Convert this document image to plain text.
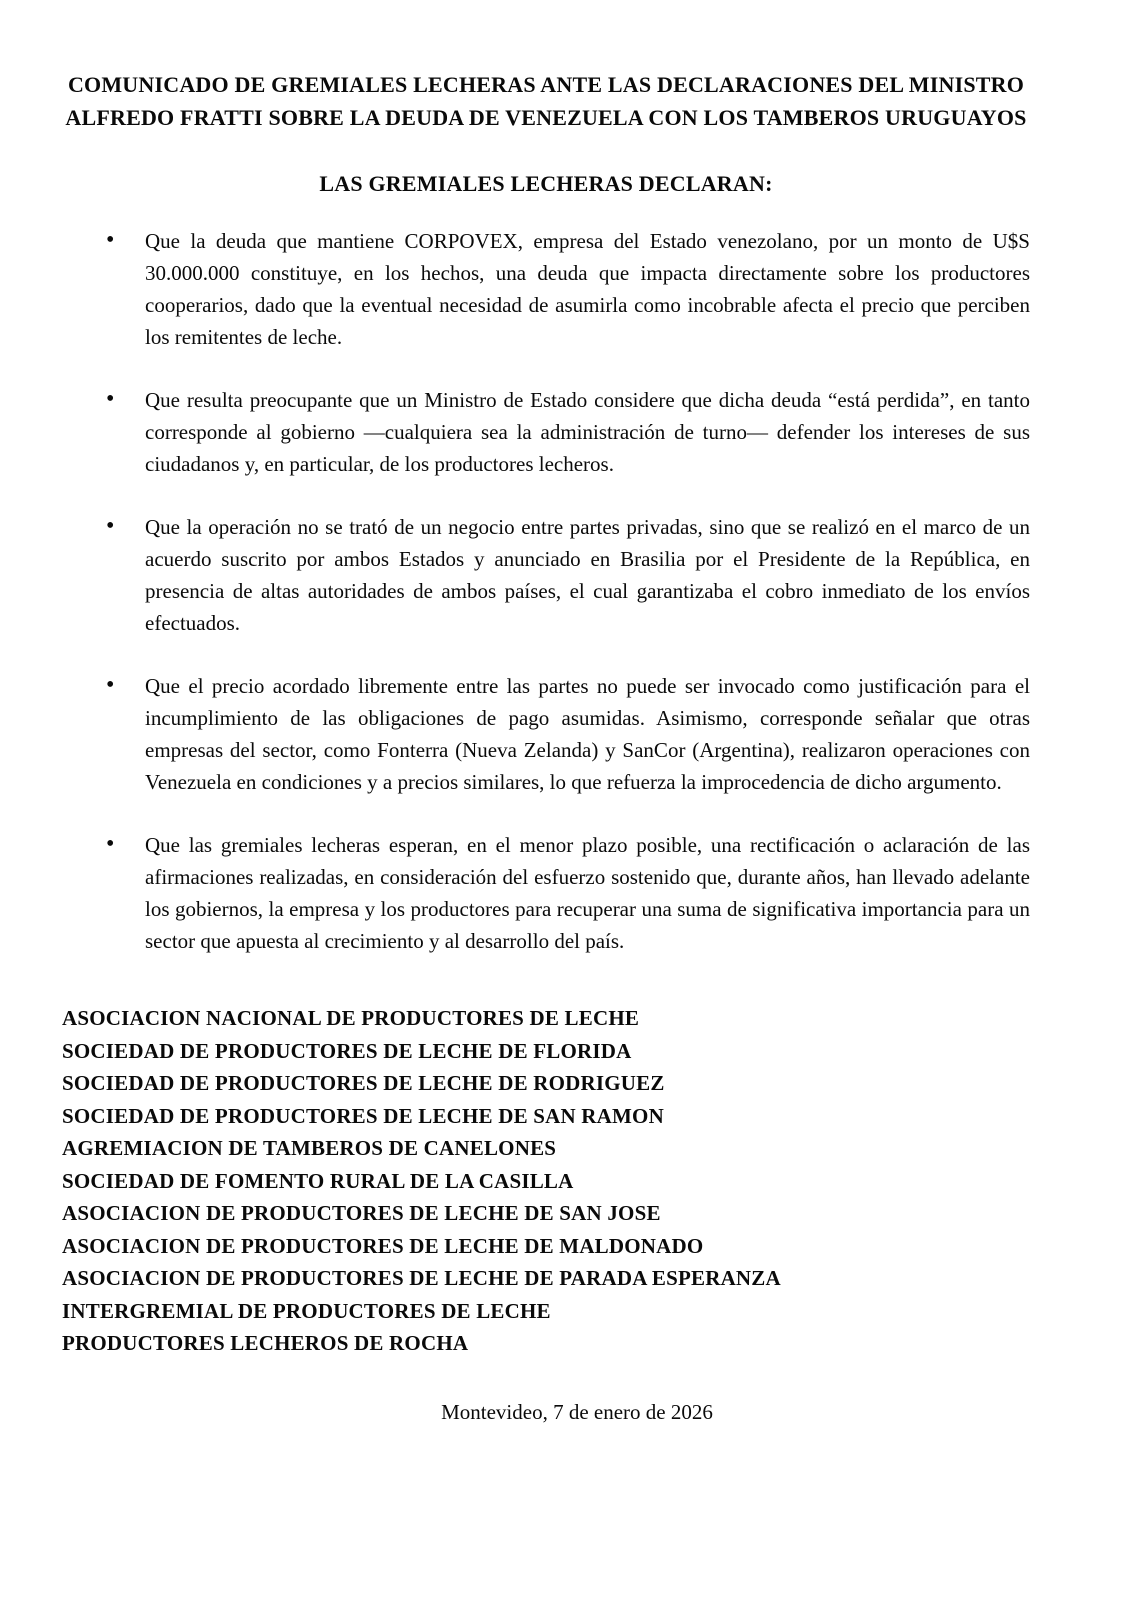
COMUNICADO DE GREMIALES LECHERAS ANTE LAS DECLARACIONES DEL MINISTRO ALFREDO FRATTI SOBRE LA DEUDA DE VENEZUELA CON LOS TAMBEROS URUGUAYOS
LAS GREMIALES LECHERAS DECLARAN:
• Que la deuda que mantiene CORPOVEX, empresa del Estado venezolano, por un monto de U$S 30.000.000 constituye, en los hechos, una deuda que impacta directamente sobre los productores cooperarios, dado que la eventual necesidad de asumirla como incobrable afecta el precio que perciben los remitentes de leche.
• Que resulta preocupante que un Ministro de Estado considere que dicha deuda “está perdida”, en tanto corresponde al gobierno —cualquiera sea la administración de turno— defender los intereses de sus ciudadanos y, en particular, de los productores lecheros.
• Que la operación no se trató de un negocio entre partes privadas, sino que se realizó en el marco de un acuerdo suscrito por ambos Estados y anunciado en Brasilia por el Presidente de la República, en presencia de altas autoridades de ambos países, el cual garantizaba el cobro inmediato de los envíos efectuados.
• Que el precio acordado libremente entre las partes no puede ser invocado como justificación para el incumplimiento de las obligaciones de pago asumidas. Asimismo, corresponde señalar que otras empresas del sector, como Fonterra (Nueva Zelanda) y SanCor (Argentina), realizaron operaciones con Venezuela en condiciones y a precios similares, lo que refuerza la improcedencia de dicho argumento.
• Que las gremiales lecheras esperan, en el menor plazo posible, una rectificación o aclaración de las afirmaciones realizadas, en consideración del esfuerzo sostenido que, durante años, han llevado adelante los gobiernos, la empresa y los productores para recuperar una suma de significativa importancia para un sector que apuesta al crecimiento y al desarrollo del país.
ASOCIACION NACIONAL DE PRODUCTORES DE LECHE
SOCIEDAD DE PRODUCTORES DE LECHE DE FLORIDA
SOCIEDAD DE PRODUCTORES DE LECHE DE RODRIGUEZ
SOCIEDAD DE PRODUCTORES DE LECHE DE SAN RAMON
AGREMIACION DE TAMBEROS DE CANELONES
SOCIEDAD DE FOMENTO RURAL DE LA CASILLA
ASOCIACION DE PRODUCTORES DE LECHE DE SAN JOSE
ASOCIACION DE PRODUCTORES DE LECHE DE MALDONADO
ASOCIACION DE PRODUCTORES DE LECHE DE PARADA ESPERANZA
INTERGREMIAL DE PRODUCTORES DE LECHE
PRODUCTORES LECHEROS DE ROCHA
Montevideo, 7 de enero de 2026
